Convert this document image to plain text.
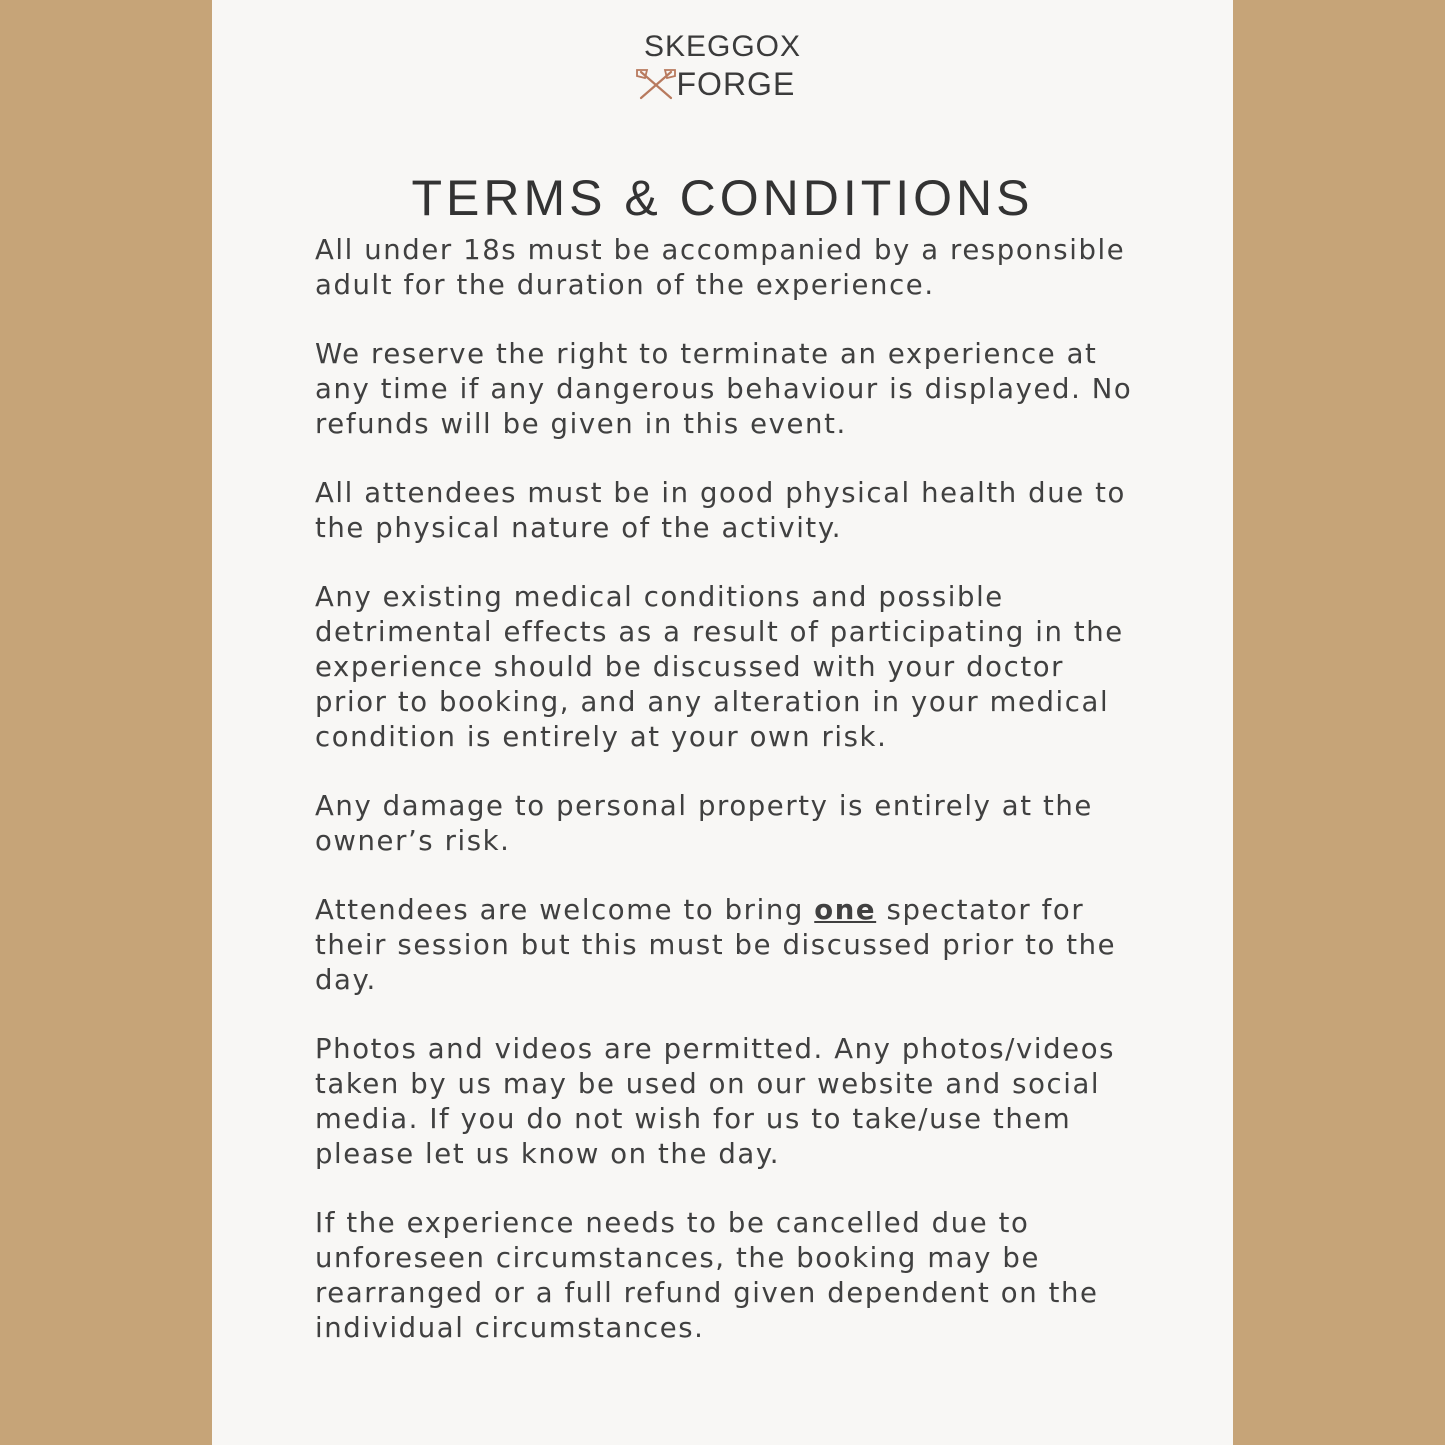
SKEGGOX
FORGE
TERMS & CONDITIONS

All under 18s must be accompanied by a responsible adult for the duration of the experience.

We reserve the right to terminate an experience at any time if any dangerous behaviour is displayed. No refunds will be given in this event.

All attendees must be in good physical health due to the physical nature of the activity.

Any existing medical conditions and possible detrimental effects as a result of participating in the experience should be discussed with your doctor prior to booking, and any alteration in your medical condition is entirely at your own risk.

Any damage to personal property is entirely at the owner’s risk.

Attendees are welcome to bring one spectator for their session but this must be discussed prior to the day.

Photos and videos are permitted. Any photos/videos taken by us may be used on our website and social media. If you do not wish for us to take/use them please let us know on the day.

If the experience needs to be cancelled due to unforeseen circumstances, the booking may be rearranged or a full refund given dependent on the individual circumstances.
